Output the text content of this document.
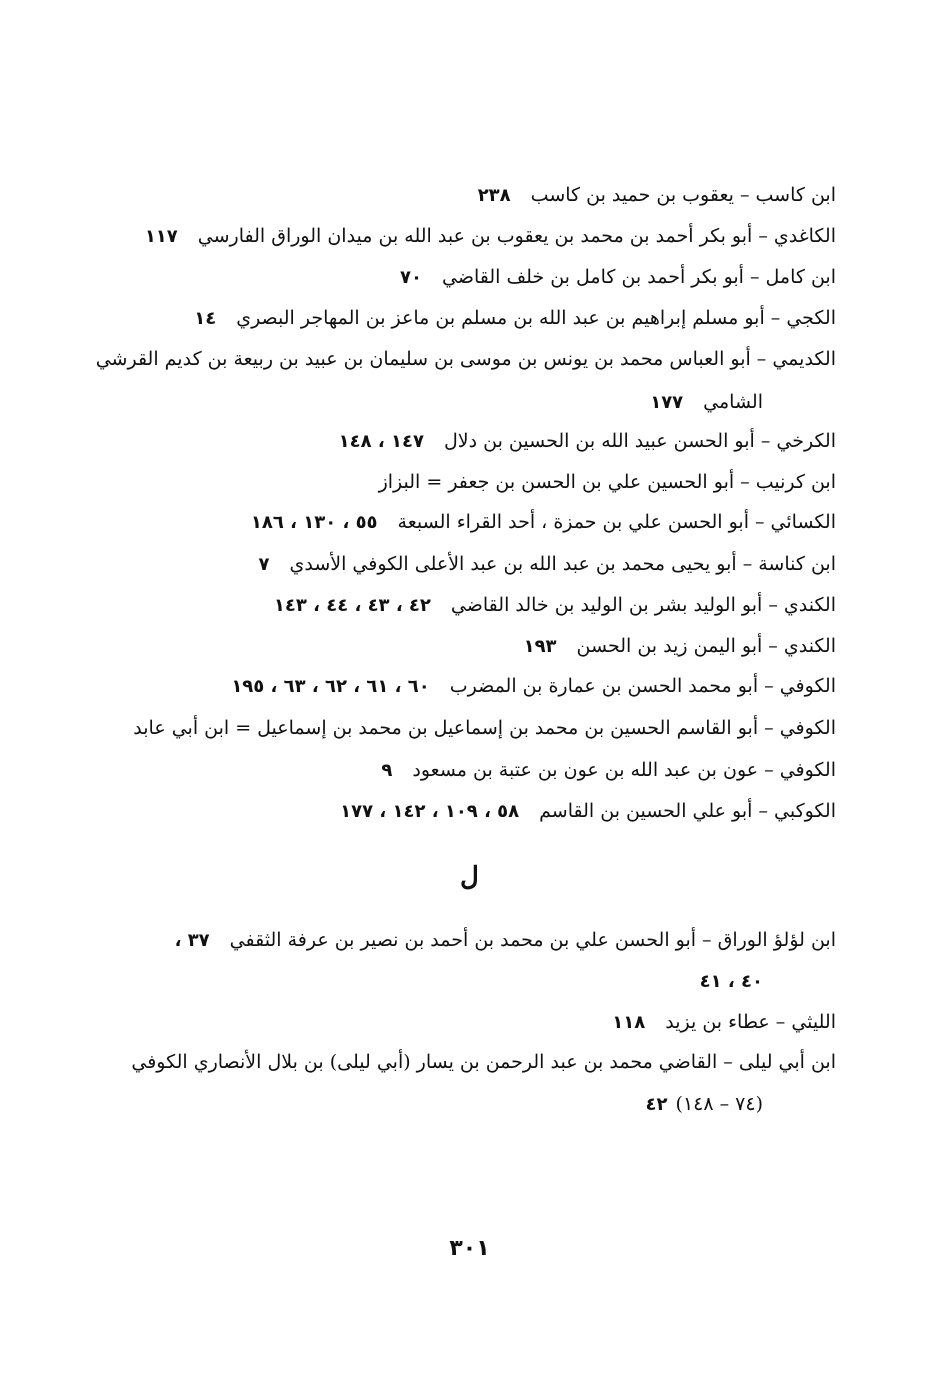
ابن كاسب – يعقوب بن حميد بن كاسب٢٣٨
الكاغدي – أبو بكر أحمد بن محمد بن يعقوب بن عبد الله بن ميدان الوراق الفارسي١١٧
ابن كامل – أبو بكر أحمد بن كامل بن خلف القاضي٧٠
الكجي – أبو مسلم إبراهيم بن عبد الله بن مسلم بن ماعز بن المهاجر البصري١٤
الكديمي – أبو العباس محمد بن يونس بن موسى بن سليمان بن عبيد بن ربيعة بن كديم القرشي
الشامي١٧٧
الكرخي – أبو الحسن عبيد الله بن الحسين بن دلال١٤٧ ، ١٤٨
ابن كرنيب – أبو الحسين علي بن الحسن بن جعفر = البزاز
الكسائي – أبو الحسن علي بن حمزة ، أحد القراء السبعة٥٥ ، ١٣٠ ، ١٨٦
ابن كناسة – أبو يحيى محمد بن عبد الله بن عبد الأعلى الكوفي الأسدي٧
الكندي – أبو الوليد بشر بن الوليد بن خالد القاضي٤٢ ، ٤٣ ، ٤٤ ، ١٤٣
الكندي – أبو اليمن زيد بن الحسن١٩٣
الكوفي – أبو محمد الحسن بن عمارة بن المضرب٦٠ ، ٦١ ، ٦٢ ، ٦٣ ، ١٩٥
الكوفي – أبو القاسم الحسين بن محمد بن إسماعيل بن محمد بن إسماعيل = ابن أبي عابد
الكوفي – عون بن عبد الله بن عون بن عتبة بن مسعود٩
الكوكبي – أبو علي الحسين بن القاسم٥٨ ، ١٠٩ ، ١٤٢ ، ١٧٧
ل
ابن لؤلؤ الوراق – أبو الحسن علي بن محمد بن أحمد بن نصير بن عرفة الثقفي٣٧ ،
٤٠ ، ٤١
الليثي – عطاء بن يزيد١١٨
ابن أبي ليلى – القاضي محمد بن عبد الرحمن بن يسار (أبي ليلى) بن بلال الأنصاري الكوفي
(٧٤ – ١٤٨)٤٢
٣٠١
